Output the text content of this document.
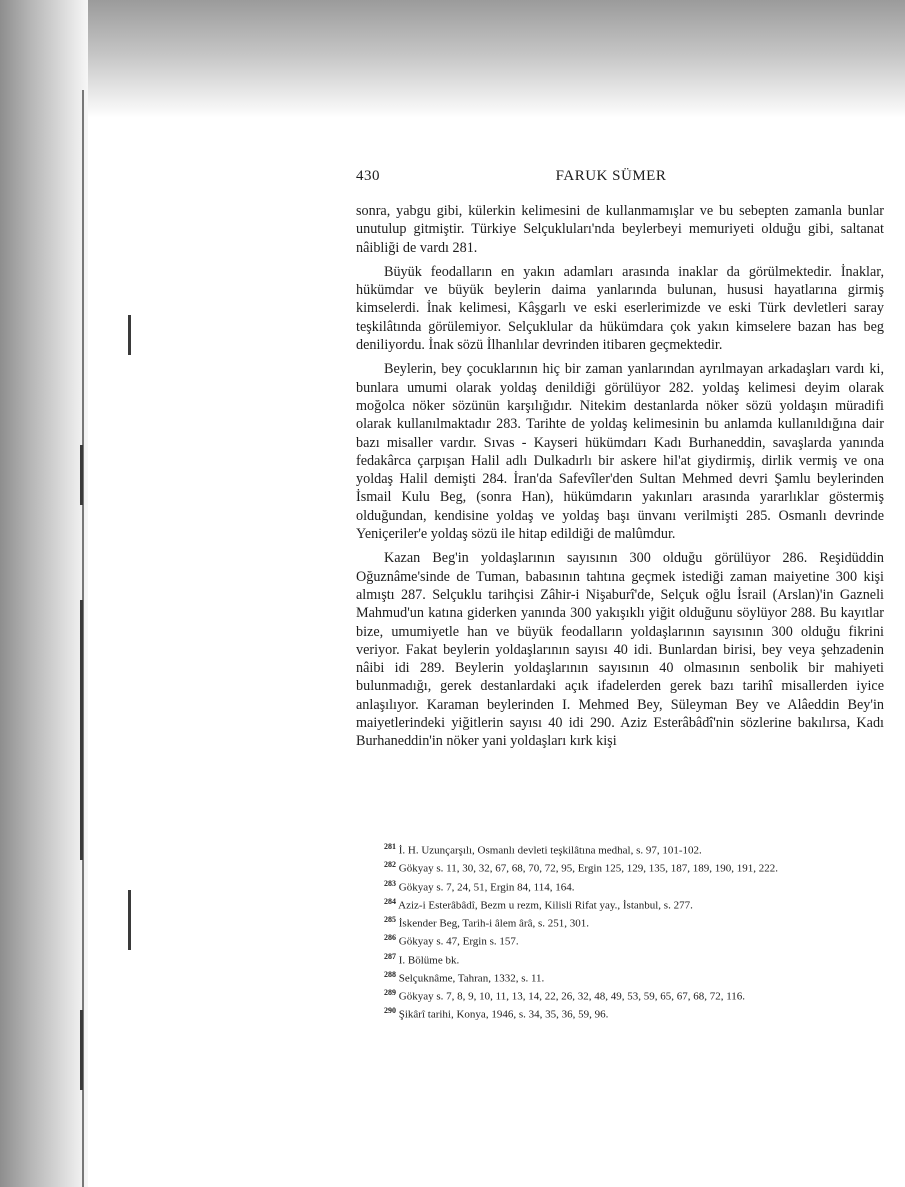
430	FARUK SÜMER

sonra, yabgu gibi, külerkin kelimesini de kullanmamışlar ve bu sebepten zamanla bunlar unutulup gitmiştir. Türkiye Selçukluları'nda beylerbeyi memuriyeti olduğu gibi, saltanat nâibliği de vardı 281.

Büyük feodalların en yakın adamları arasında inaklar da görülmektedir. İnaklar, hükümdar ve büyük beylerin daima yanlarında bulunan, hususi hayatlarına girmiş kimselerdi. İnak kelimesi, Kâşgarlı ve eski eserlerimizde ve eski Türk devletleri saray teşkilâtında görülemiyor. Selçuklular da hükümdara çok yakın kimselere bazan has beg deniliyordu. İnak sözü İlhanlılar devrinden itibaren geçmektedir.

Beylerin, bey çocuklarının hiç bir zaman yanlarından ayrılmayan arkadaşları vardı ki, bunlara umumi olarak yoldaş denildiği görülüyor 282. yoldaş kelimesi deyim olarak moğolca nöker sözünün karşılığıdır. Nitekim destanlarda nöker sözü yoldaşın müradifi olarak kullanılmaktadır 283. Tarihte de yoldaş kelimesinin bu anlamda kullanıldığına dair bazı misaller vardır. Sıvas - Kayseri hükümdarı Kadı Burhaneddin, savaşlarda yanında fedakârca çarpışan Halil adlı Dulkadırlı bir askere hil'at giydirmiş, dirlik vermiş ve ona yoldaş Halil demişti 284. İran'da Safevîler'den Sultan Mehmed devri Şamlu beylerinden İsmail Kulu Beg, (sonra Han), hükümdarın yakınları arasında yararlıklar göstermiş olduğundan, kendisine yoldaş ve yoldaş başı ünvanı verilmişti 285. Osmanlı devrinde Yeniçeriler'e yoldaş sözü ile hitap edildiği de malûmdur.

Kazan Beg'in yoldaşlarının sayısının 300 olduğu görülüyor 286. Reşidüddin Oğuznâme'sinde de Tuman, babasının tahtına geçmek istediği zaman maiyetine 300 kişi almıştı 287. Selçuklu tarihçisi Zâhir-i Nişaburî'de, Selçuk oğlu İsrail (Arslan)'in Gazneli Mahmud'un katına giderken yanında 300 yakışıklı yiğit olduğunu söylüyor 288. Bu kayıtlar bize, umumiyetle han ve büyük feodalların yoldaşlarının sayısının 300 olduğu fikrini veriyor. Fakat beylerin yoldaşlarının sayısı 40 idi. Bunlardan birisi, bey veya şehzadenin nâibi idi 289. Beylerin yoldaşlarının sayısının 40 olmasının senbolik bir mahiyeti bulunmadığı, gerek destanlardaki açık ifadelerden gerek bazı tarihî misallerden iyice anlaşılıyor. Karaman beylerinden I. Mehmed Bey, Süleyman Bey ve Alâeddin Bey'in maiyetlerindeki yiğitlerin sayısı 40 idi 290. Aziz Esterâbâdî'nin sözlerine bakılırsa, Kadı Burhaneddin'in nöker yani yoldaşları kırk kişi

$^{281}$ İ. H. Uzunçarşılı, Osmanlı devleti teşkilâtına medhal, s. 97, 101-102.
$^{282}$ Gökyay s. 11, 30, 32, 67, 68, 70, 72, 95, Ergin 125, 129, 135, 187, 189, 190, 191, 222.
$^{283}$ Gökyay s. 7, 24, 51, Ergin 84, 114, 164.
$^{284}$ Aziz-i Esterâbâdî, Bezm u rezm, Kilisli Rifat yay., İstanbul, s. 277.
$^{285}$ İskender Beg, Tarih-i âlem ârâ, s. 251, 301.
$^{286}$ Gökyay s. 47, Ergin s. 157.
$^{287}$ I. Bölüme bk.
$^{288}$ Selçuknâme, Tahran, 1332, s. 11.
$^{289}$ Gökyay s. 7, 8, 9, 10, 11, 13, 14, 22, 26, 32, 48, 49, 53, 59, 65, 67, 68, 72, 116.
$^{290}$ Şikârî tarihi, Konya, 1946, s. 34, 35, 36, 59, 96.
